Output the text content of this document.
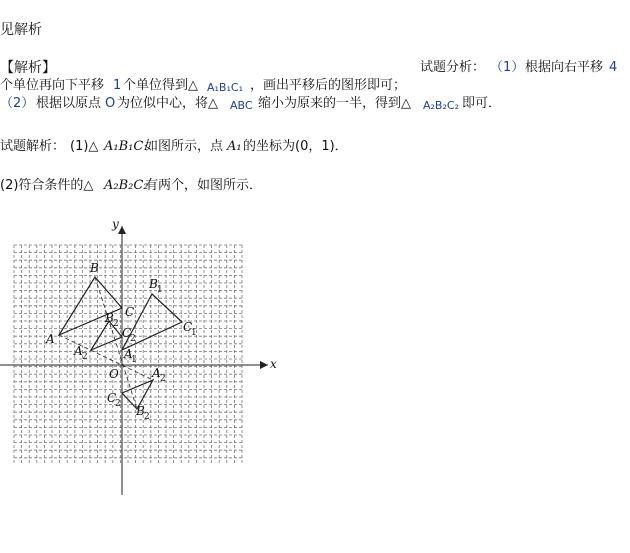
见解析
【解析】	试题分析： （1） 根据向右平移 4
个单位再向下平移 1 个单位得到△ A₁B₁C₁ ，画出平移后的图形即可；
（2） 根据以原点 O 为位似中心，将△ ABC 缩小为原来的一半，得到△ A₂B₂C₂ 即可．
试题解析： (1)△ A₁B₁C₁
如图所示，点 A₁ 的坐标为(0，1)．
(2)符合条件的△ A₂B₂C₂
有两个，如图所示．
x
y
O
A
B
C
A
1
B 1
C
1
A 2
B 2
C
2
A 2
B 2
C
2
